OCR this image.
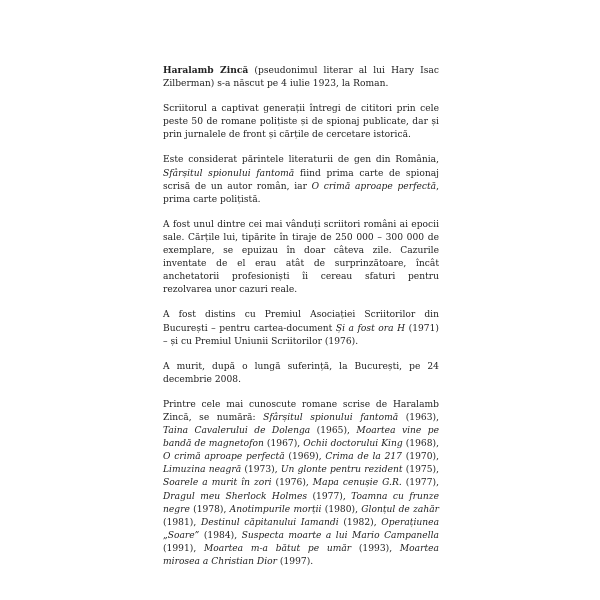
Haralamb Zincă (pseudonimul literar al lui Hary Isac Zilberman) s-a născut pe 4 iulie 1923, la Roman.

Scriitorul a captivat generații întregi de cititori prin cele peste 50 de romane polițiste și de spionaj publicate, dar și prin jurnalele de front și cărțile de cercetare istorică.

Este considerat părintele literaturii de gen din România, Sfârșitul spionului fantomă fiind prima carte de spionaj scrisă de un autor român, iar O crimă aproape perfectă, prima carte polițistă.

A fost unul dintre cei mai vânduți scriitori români ai epocii sale. Cărțile lui, tipărite în tiraje de 250 000 – 300 000 de exemplare, se epuizau în doar câteva zile. Cazurile inventate de el erau atât de surprinzătoare, încât anchetatorii profesioniști îi cereau sfaturi pentru rezolvarea unor cazuri reale.

A fost distins cu Premiul Asociației Scriitorilor din București – pentru cartea-document Și a fost ora H (1971) – și cu Premiul Uniunii Scriitorilor (1976).

A murit, după o lungă suferință, la București, pe 24 decembrie 2008.

Printre cele mai cunoscute romane scrise de Haralamb Zincă, se numără: Sfârșitul spionului fantomă (1963), Taina Cavalerului de Dolenga (1965), Moartea vine pe bandă de magnetofon (1967), Ochii doctorului King (1968), O crimă aproape perfectă (1969), Crima de la 217 (1970), Limuzina neagră (1973), Un glonte pentru rezident (1975), Soarele a murit în zori (1976), Mapa cenușie G.R. (1977), Dragul meu Sherlock Holmes (1977), Toamna cu frunze negre (1978), Anotimpurile morții (1980), Glonțul de zahăr (1981), Destinul căpitanului Iamandi (1982), Operațiunea „Soare” (1984), Suspecta moarte a lui Mario Campanella (1991), Moartea m-a bătut pe umăr (1993), Moartea mirosea a Christian Dior (1997).
